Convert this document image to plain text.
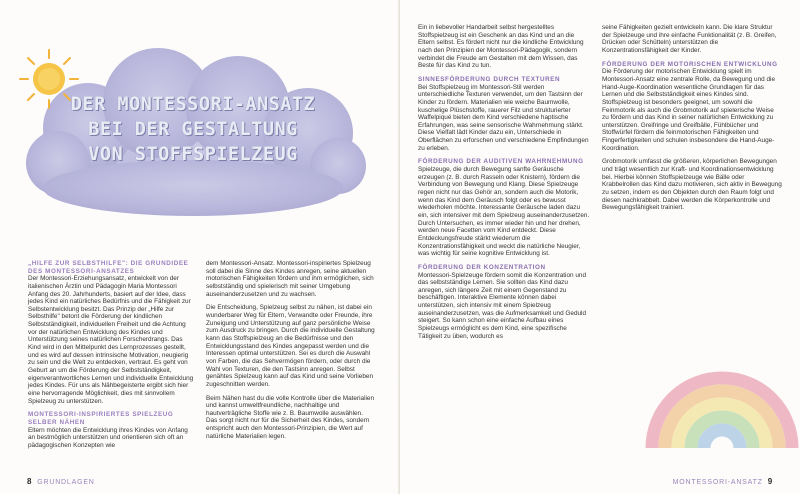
DER MONTESSORI-ANSATZ
BEI DER GESTALTUNG
VON STOFFSPIELZEUG
„HILFE ZUR SELBSTHILFE": DIE GRUNDIDEE DES MONTESSORI-ANSATZES

Der Montessori-Erziehungsansatz, entwickelt von der italienischen Ärztin und Pädagogin Maria Montessori Anfang des 20. Jahrhunderts, basiert auf der Idee, dass jedes Kind ein natürliches Bedürfnis und die Fähigkeit zur Selbstentwicklung besitzt. Das Prinzip der „Hilfe zur Selbsthilfe" betont die Förderung der kindlichen Selbstständigkeit, individuellen Freiheit und die Achtung vor der natürlichen Entwicklung des Kindes und Unterstützung seines natürlichen Forscherdrangs. Das Kind wird in den Mittelpunkt des Lernprozesses gestellt, und es wird auf dessen intrinsische Motivation, neugierig zu sein und die Welt zu entdecken, vertraut. Es geht von Geburt an um die Förderung der Selbstständigkeit, eigenverantwortliches Lernen und individuelle Entwicklung jedes Kindes. Für uns als Nähbegeisterte ergibt sich hier eine hervorragende Möglichkeit, dies mit sinnvollem Spielzeug zu unterstützen.

MONTESSORI-INSPIRIERTES SPIELZEUG SELBER NÄHEN

Eltern möchten die Entwicklung ihres Kindes von Anfang an bestmöglich unterstützen und orientieren sich oft an pädagogischen Konzepten wie

dem Montessori-Ansatz. Montessori-inspiriertes Spielzeug soll dabei die Sinne des Kindes anregen, seine aktuellen motorischen Fähigkeiten fördern und ihm ermöglichen, sich selbstständig und spielerisch mit seiner Umgebung auseinanderzusetzen und zu wachsen.

Die Entscheidung, Spielzeug selbst zu nähen, ist dabei ein wunderbarer Weg für Eltern, Verwandte oder Freunde, ihre Zuneigung und Unterstützung auf ganz persönliche Weise zum Ausdruck zu bringen. Durch die individuelle Gestaltung kann das Stoffspielzeug an die Bedürfnisse und den Entwicklungsstand des Kindes angepasst werden und die Interessen optimal unterstützen. Sei es durch die Auswahl von Farben, die das Sehvermögen fördern, oder durch die Wahl von Texturen, die den Tastsinn anregen. Selbst genähtes Spielzeug kann auf das Kind und seine Vorlieben zugeschnitten werden.

Beim Nähen hast du die volle Kontrolle über die Materialien und kannst umweltfreundliche, nachhaltige und hautverträgliche Stoffe wie z. B. Baumwolle auswählen. Das sorgt nicht nur für die Sicherheit des Kindes, sondern entspricht auch den Montessori-Prinzipien, die Wert auf natürliche Materialien legen.

8 GRUNDLAGEN

Ein in liebevoller Handarbeit selbst hergestelltes Stoffspielzeug ist ein Geschenk an das Kind und an die Eltern selbst. Es fördert nicht nur die kindliche Entwicklung nach den Prinzipien der Montessori-Pädagogik, sondern verbindet die Freude am Gestalten mit dem Wissen, das Beste für das Kind zu tun.

SINNESFÖRDERUNG DURCH TEXTUREN

Bei Stoffspielzeug im Montessori-Stil werden unterschiedliche Texturen verwendet, um den Tastsinn der Kinder zu fördern. Materialien wie weiche Baumwolle, kuschelige Plüschstoffe, rauerer Filz und strukturierter Waffelpiqué bieten dem Kind verschiedene haptische Erfahrungen, was seine sensorische Wahrnehmung stärkt. Diese Vielfalt lädt Kinder dazu ein, Unterschiede in Oberflächen zu erforschen und verschiedene Empfindungen zu erleben.

FÖRDERUNG DER AUDITIVEN WAHRNEHMUNG

Spielzeuge, die durch Bewegung sanfte Geräusche erzeugen (z. B. durch Rasseln oder Knistern), fördern die Verbindung von Bewegung und Klang. Diese Spielzeuge regen nicht nur das Gehör an, sondern auch die Motorik, wenn das Kind dem Geräusch folgt oder es bewusst wiederholen möchte. Interessante Geräusche laden dazu ein, sich intensiver mit dem Spielzeug auseinanderzusetzen. Durch Untersuchen, es immer wieder hin und her drehen, werden neue Facetten vom Kind entdeckt. Diese Entdeckungsfreude stärkt wiederum die Konzentrationsfähigkeit und weckt die natürliche Neugier, was wichtig für seine kognitive Entwicklung ist.

FÖRDERUNG DER KONZENTRATION

Montessori-Spielzeuge fördern somit die Konzentration und das selbstständige Lernen. Sie sollten das Kind dazu anregen, sich längere Zeit mit einem Gegenstand zu beschäftigen. Interaktive Elemente können dabei unterstützen, sich intensiv mit einem Spielzeug auseinanderzusetzen, was die Aufmerksamkeit und Geduld steigert. So kann schon eine einfache Aufbau eines Spielzeugs ermöglicht es dem Kind, eine spezifische Tätigkeit zu üben, wodurch es

seine Fähigkeiten gezielt entwickeln kann. Die klare Struktur der Spielzeuge und ihre einfache Funktionalität (z. B. Greifen, Drücken oder Schütteln) unterstützen die Konzentrationsfähigkeit der Kinder.

FÖRDERUNG DER MOTORISCHEN ENTWICKLUNG

Die Förderung der motorischen Entwicklung spielt im Montessori-Ansatz eine zentrale Rolle, da Bewegung und die Hand-Auge-Koordination wesentliche Grundlagen für das Lernen und die Selbstständigkeit eines Kindes sind. Stoffspielzeug ist besonders geeignet, um sowohl die Feinmotorik als auch die Grobmotorik auf spielerische Weise zu fördern und das Kind in seiner natürlichen Entwicklung zu unterstützen. Greifringe und Greifbälle, Fühlbücher und Stoffwürfel fördern die feinmotorischen Fähigkeiten und Fingerfertigkeiten und schulen insbesondere die Hand-Auge-Koordination.

Grobmotorik umfasst die größeren, körperlichen Bewegungen und trägt wesentlich zur Kraft- und Koordinationsentwicklung bei. Hierbei können Stoffspielzeuge wie Bälle oder Krabbelrollen das Kind dazu motivieren, sich aktiv in Bewegung zu setzen, indem es den Objekten durch den Raum folgt und diesen nachkrabbelt. Dabei werden die Körperkontrolle und Bewegungsfähigkeit trainiert.

MONTESSORI-ANSATZ 9
